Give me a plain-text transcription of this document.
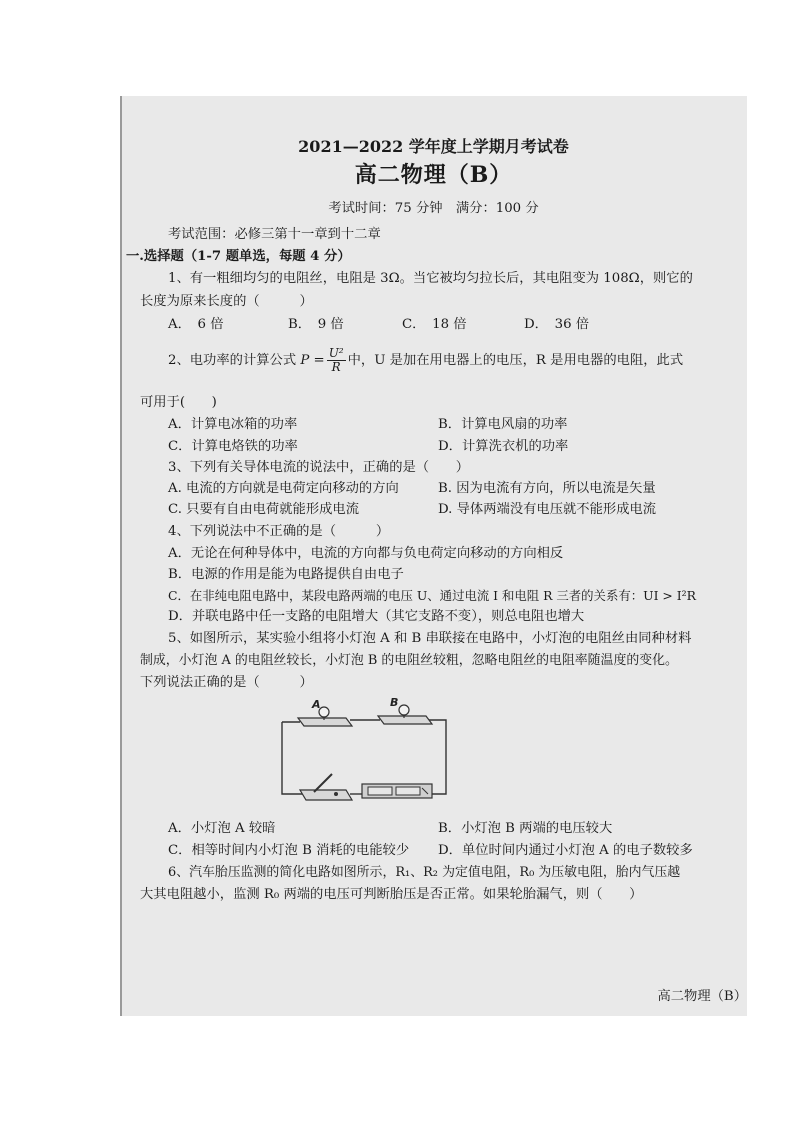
2021—2022 学年度上学期月考试卷
高二物理（B）
考试时间：75 分钟　满分：100 分
考试范围：必修三第十一章到十二章
一.选择题（1-7 题单选，每题 4 分）
1、有一粗细均匀的电阻丝，电阻是 3Ω。当它被均匀拉长后，其电阻变为 108Ω，则它的
长度为原来长度的（　　　）
A．　6 倍	B．　9 倍	C．　18 倍	D．　36 倍
2、电功率的计算公式 $P = \frac{\text{U²}}{R}$ 中，U 是加在用电器上的电压，R 是用电器的电阻，此式
可用于(　　)
A．计算电冰箱的功率	B．计算电风扇的功率
C．计算电烙铁的功率	D．计算洗衣机的功率
3、下列有关导体电流的说法中，正确的是（　　）
A. 电流的方向就是电荷定向移动的方向	B. 因为电流有方向，所以电流是矢量
C. 只要有自由电荷就能形成电流	D. 导体两端没有电压就不能形成电流
4、下列说法中不正确的是（　　　）
A．无论在何种导体中，电流的方向都与负电荷定向移动的方向相反
B．电源的作用是能为电路提供自由电子
C．在非纯电阻电路中，某段电路两端的电压 U、通过电流 I 和电阻 R 三者的关系有：UI > I²R
D．并联电路中任一支路的电阻增大（其它支路不变），则总电阻也增大
5、如图所示，某实验小组将小灯泡 A 和 B 串联接在电路中，小灯泡的电阻丝由同种材料
制成，小灯泡 A 的电阻丝较长，小灯泡 B 的电阻丝较粗，忽略电阻丝的电阻率随温度的变化。
下列说法正确的是（　　　）
A	B
A．小灯泡 A 较暗	B．小灯泡 B 两端的电压较大
C．相等时间内小灯泡 B 消耗的电能较少 D．单位时间内通过小灯泡 A 的电子数较多
6、汽车胎压监测的简化电路如图所示，R₁、R₂ 为定值电阻，R₀ 为压敏电阻，胎内气压越
大其电阻越小，监测 R₀ 两端的电压可判断胎压是否正常。如果轮胎漏气，则（　　）
高二物理（B）
